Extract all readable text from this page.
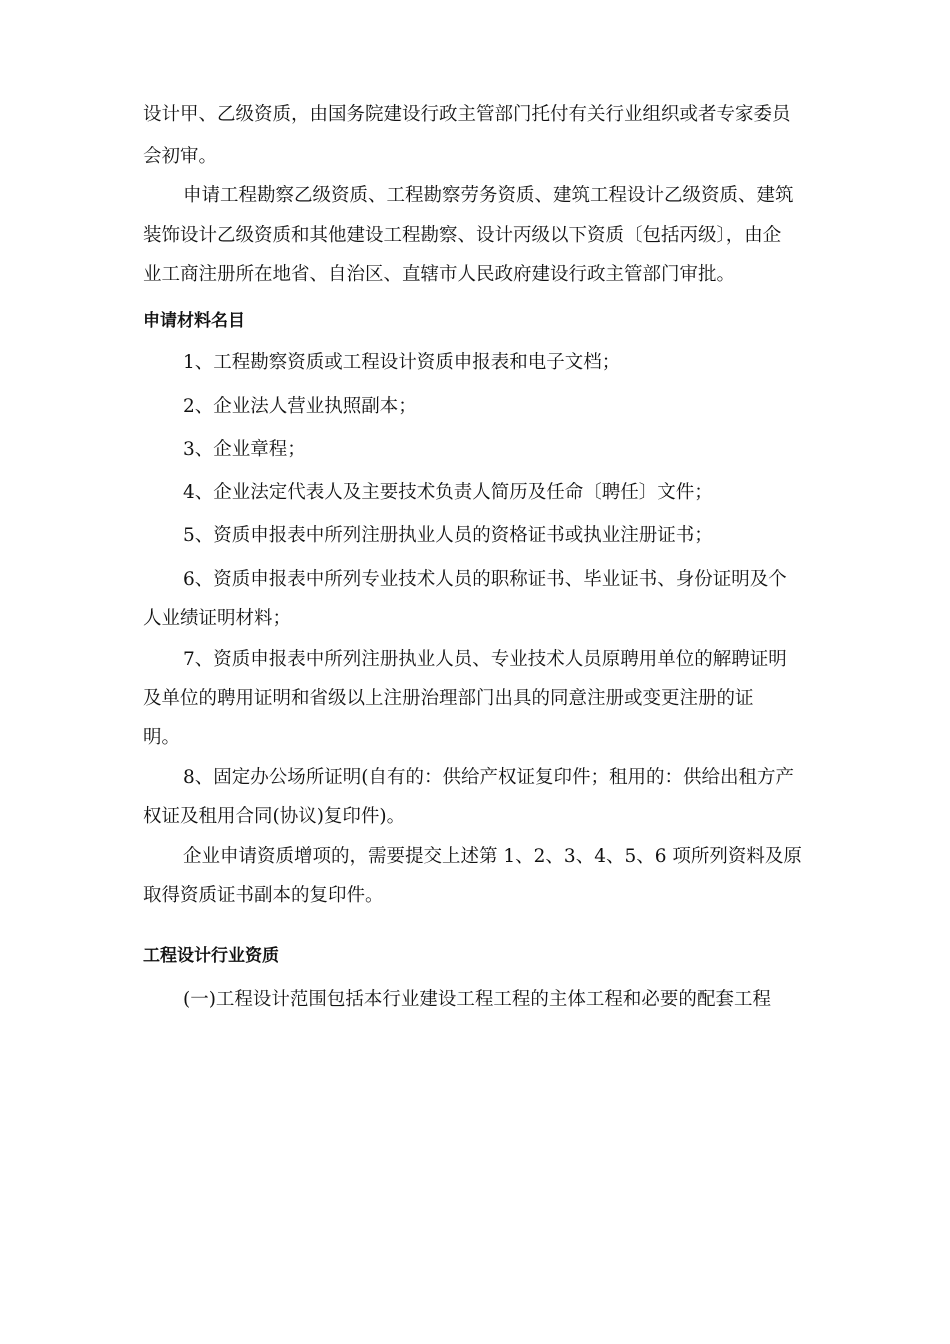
设计甲、乙级资质，由国务院建设行政主管部门托付有关行业组织或者专家委员

会初审。

申请工程勘察乙级资质、工程勘察劳务资质、建筑工程设计乙级资质、建筑

装饰设计乙级资质和其他建设工程勘察、设计丙级以下资质〔包括丙级〕，由企

业工商注册所在地省、自治区、直辖市人民政府建设行政主管部门审批。

申请材料名目

1、工程勘察资质或工程设计资质申报表和电子文档；

2、企业法人营业执照副本；

3、企业章程；

4、企业法定代表人及主要技术负责人简历及任命〔聘任〕文件；

5、资质申报表中所列注册执业人员的资格证书或执业注册证书；

6、资质申报表中所列专业技术人员的职称证书、毕业证书、身份证明及个

人业绩证明材料；

7、资质申报表中所列注册执业人员、专业技术人员原聘用单位的解聘证明

及单位的聘用证明和省级以上注册治理部门出具的同意注册或变更注册的证

明。

8、固定办公场所证明(自有的：供给产权证复印件；租用的：供给出租方产

权证及租用合同(协议)复印件)。

企业申请资质增项的，需要提交上述第 1、2、3、4、5、6 项所列资料及原

取得资质证书副本的复印件。

工程设计行业资质

(一)工程设计范围包括本行业建设工程工程的主体工程和必要的配套工程
